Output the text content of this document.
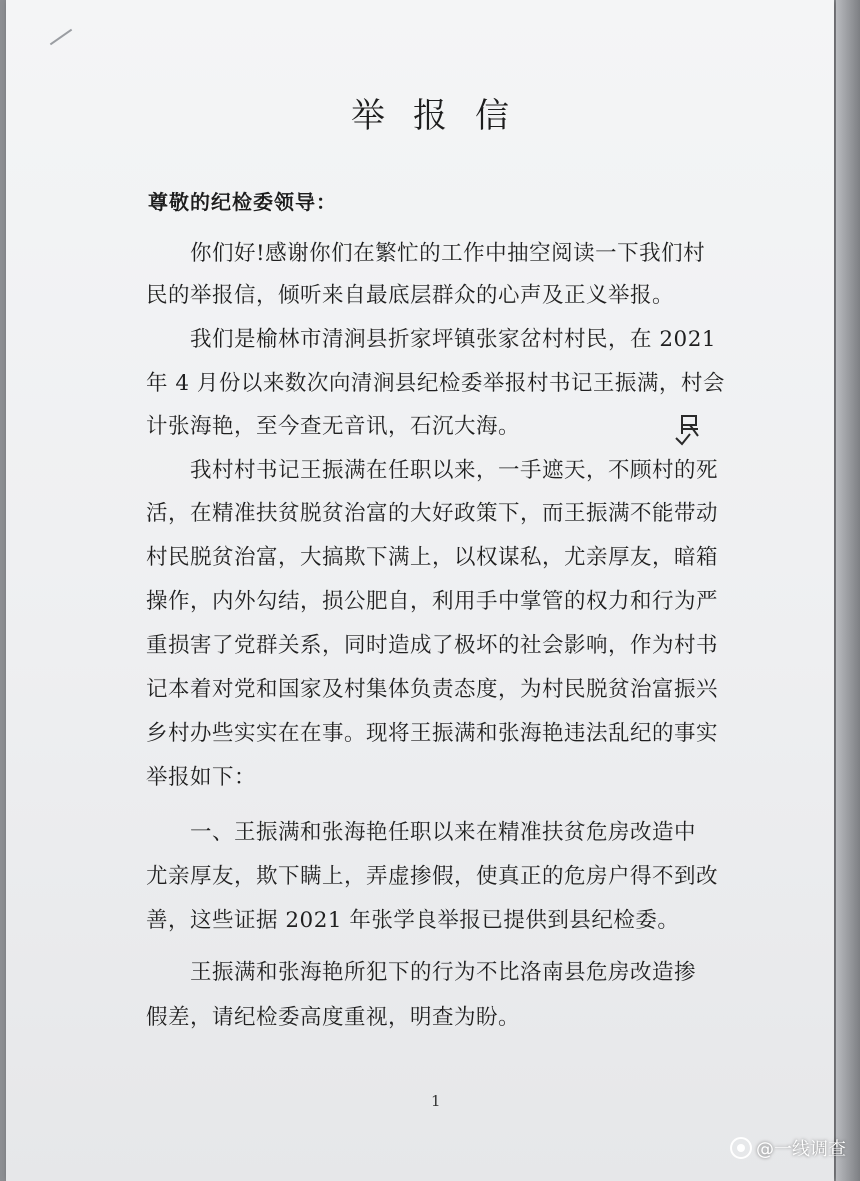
举报信
尊敬的纪检委领导：
你们好!感谢你们在繁忙的工作中抽空阅读一下我们村
民的举报信，倾听来自最底层群众的心声及正义举报。
我们是榆林市清涧县折家坪镇张家岔村村民，在 2021
年 4 月份以来数次向清涧县纪检委举报村书记王振满，村会
计张海艳，至今查无音讯，石沉大海。
我村村书记王振满在任职以来，一手遮天，不顾村的死
活，在精准扶贫脱贫治富的大好政策下，而王振满不能带动
村民脱贫治富，大搞欺下满上，以权谋私，尤亲厚友，暗箱
操作，内外勾结，损公肥自，利用手中掌管的权力和行为严
重损害了党群关系，同时造成了极坏的社会影响，作为村书
记本着对党和国家及村集体负责态度，为村民脱贫治富振兴
乡村办些实实在在事。现将王振满和张海艳违法乱纪的事实
举报如下：
一、王振满和张海艳任职以来在精准扶贫危房改造中
尤亲厚友，欺下瞒上，弄虚掺假，使真正的危房户得不到改
善，这些证据 2021 年张学良举报已提供到县纪检委。
王振满和张海艳所犯下的行为不比洛南县危房改造掺
假差，请纪检委高度重视，明查为盼。
1
@一线调查
